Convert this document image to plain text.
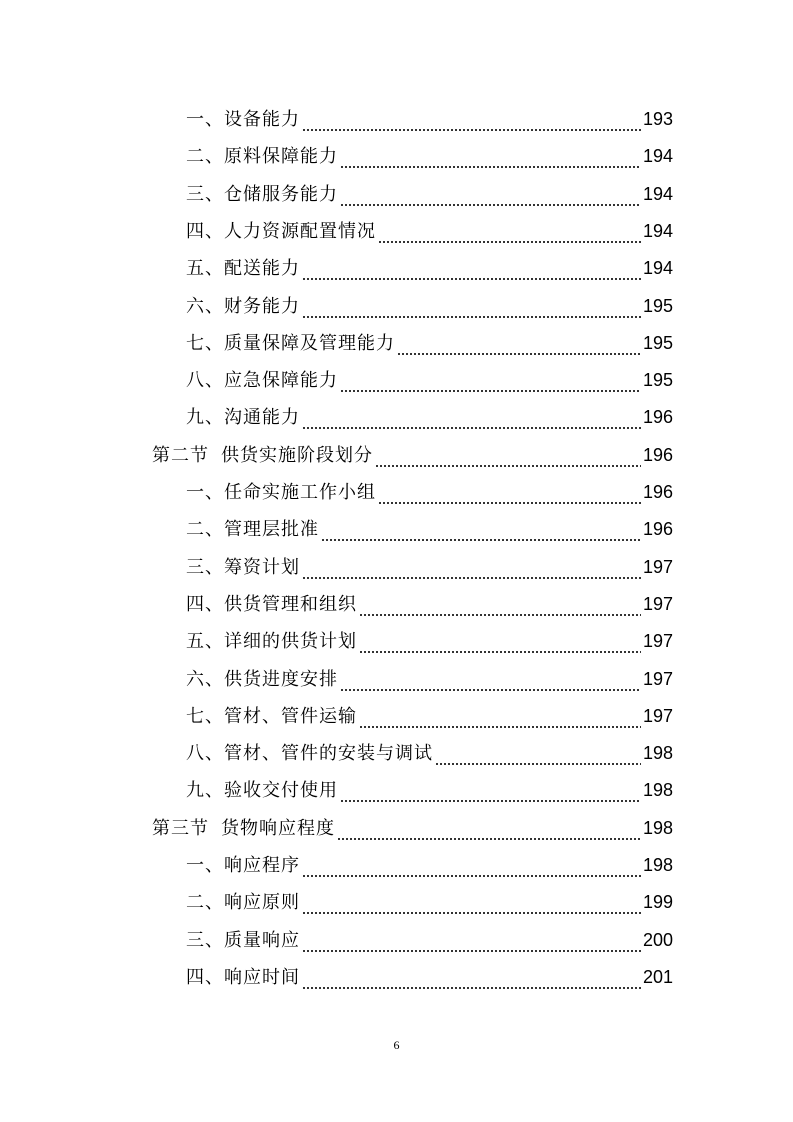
一、设备能力	193
二、原料保障能力	194
三、仓储服务能力	194
四、人力资源配置情况	194
五、配送能力	194
六、财务能力	195
七、质量保障及管理能力	195
八、应急保障能力	195
九、沟通能力	196
第二节 供货实施阶段划分	196
一、任命实施工作小组	196
二、管理层批准	196
三、筹资计划	197
四、供货管理和组织	197
五、详细的供货计划	197
六、供货进度安排	197
七、管材、管件运输	197
八、管材、管件的安装与调试	198
九、验收交付使用	198
第三节 货物响应程度	198
一、响应程序	198
二、响应原则	199
三、质量响应	200
四、响应时间	201
6
